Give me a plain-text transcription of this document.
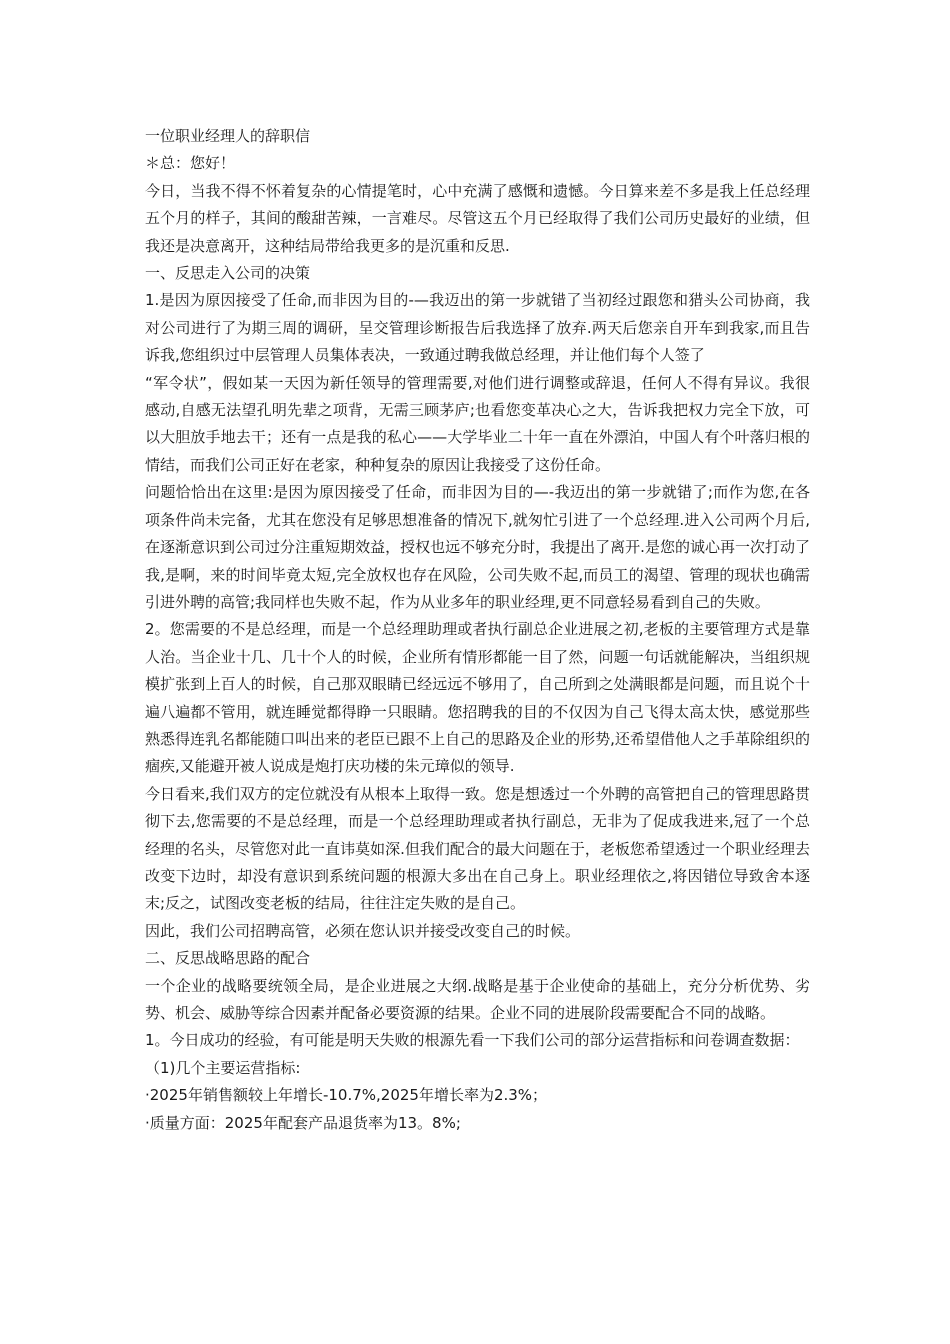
一位职业经理人的辞职信

＊总：您好！

今日，当我不得不怀着复杂的心情提笔时，心中充满了感慨和遗憾。今日算来差不多是我上任总经理五个月的样子，其间的酸甜苦辣，一言难尽。尽管这五个月已经取得了我们公司历史最好的业绩，但我还是决意离开，这种结局带给我更多的是沉重和反思.

一、反思走入公司的决策

1.是因为原因接受了任命,而非因为目的-—我迈出的第一步就错了当初经过跟您和猎头公司协商，我对公司进行了为期三周的调研，呈交管理诊断报告后我选择了放弃.两天后您亲自开车到我家,而且告诉我,您组织过中层管理人员集体表决，一致通过聘我做总经理，并让他们每个人签了

“军令状”，假如某一天因为新任领导的管理需要,对他们进行调整或辞退，任何人不得有异议。我很感动,自感无法望孔明先辈之项背，无需三顾茅庐;也看您变革决心之大，告诉我把权力完全下放，可以大胆放手地去干；还有一点是我的私心——大学毕业二十年一直在外漂泊，中国人有个叶落归根的情结，而我们公司正好在老家，种种复杂的原因让我接受了这份任命。

问题恰恰出在这里:是因为原因接受了任命，而非因为目的—-我迈出的第一步就错了;而作为您,在各项条件尚未完备，尤其在您没有足够思想准备的情况下,就匆忙引进了一个总经理.进入公司两个月后,在逐渐意识到公司过分注重短期效益，授权也远不够充分时，我提出了离开.是您的诚心再一次打动了我,是啊，来的时间毕竟太短,完全放权也存在风险，公司失败不起,而员工的渴望、管理的现状也确需引进外聘的高管;我同样也失败不起，作为从业多年的职业经理,更不同意轻易看到自己的失败。

2。您需要的不是总经理，而是一个总经理助理或者执行副总企业进展之初,老板的主要管理方式是靠人治。当企业十几、几十个人的时候，企业所有情形都能一目了然，问题一句话就能解决，当组织规模扩张到上百人的时候，自己那双眼睛已经远远不够用了，自己所到之处满眼都是问题，而且说个十遍八遍都不管用，就连睡觉都得睁一只眼睛。您招聘我的目的不仅因为自己飞得太高太快，感觉那些熟悉得连乳名都能随口叫出来的老臣已跟不上自己的思路及企业的形势,还希望借他人之手革除组织的痼疾,又能避开被人说成是炮打庆功楼的朱元璋似的领导.

今日看来,我们双方的定位就没有从根本上取得一致。您是想透过一个外聘的高管把自己的管理思路贯彻下去,您需要的不是总经理，而是一个总经理助理或者执行副总，无非为了促成我进来,冠了一个总经理的名头，尽管您对此一直讳莫如深.但我们配合的最大问题在于，老板您希望透过一个职业经理去改变下边时，却没有意识到系统问题的根源大多出在自己身上。职业经理依之,将因错位导致舍本逐末;反之，试图改变老板的结局，往往注定失败的是自己。

因此，我们公司招聘高管，必须在您认识并接受改变自己的时候。

二、反思战略思路的配合

一个企业的战略要统领全局，是企业进展之大纲.战略是基于企业使命的基础上，充分分析优势、劣势、机会、威胁等综合因素并配备必要资源的结果。企业不同的进展阶段需要配合不同的战略。

1。今日成功的经验，有可能是明天失败的根源先看一下我们公司的部分运营指标和问卷调查数据：

（1)几个主要运营指标:

·2025年销售额较上年增长-10.7%,2025年增长率为2.3%；

·质量方面：2025年配套产品退货率为13。8%;
